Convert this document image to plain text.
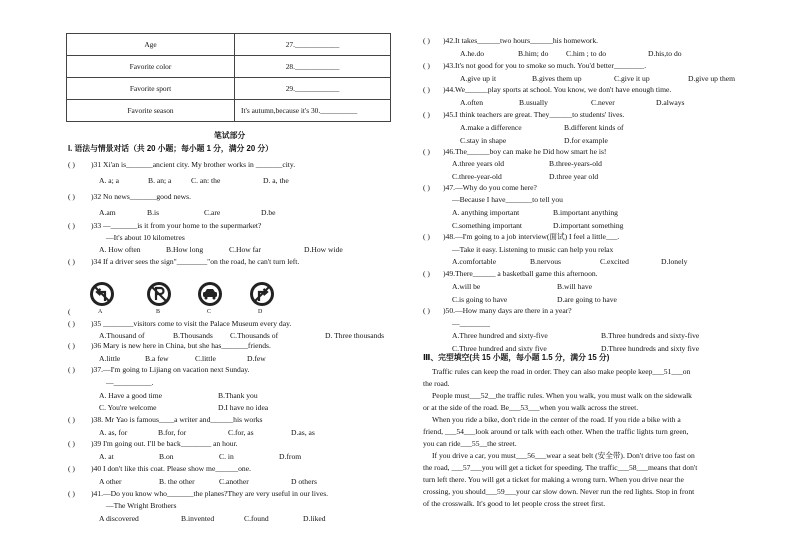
Age	27.____________
Favorite color	28.____________
Favorite sport	29.____________
Favorite season	It's autumn,because it's 30.__________
笔试部分
I. 语法与情景对话（共 20 小题；每小题 1 分，满分 20 分）
( ) )31 Xi'an is_______ancient city. My brother works in _______city.
A. a; a	B. an; a	C. an: the	D. a, the
( ) )32 No news_______good news.
A.am	B.is	C.are	D.be
( ) )33 —_______is it from your home to the supermarket?
—It's about 10 kilometres
A. How often	B.How long	C.How far	D.How wide
( ) )34 If a driver sees the sign"________"on the road, he can't turn left.
( ) )35 ________visitors come to visit the Palace Museum every day.
A.Thousand of	B.Thousands C.Thousands of	D. Three thousands
( ) )36 Mary is new here in China, but she has_______friends.
A.little	B.a few	C.little	D.few
( ) )37.—I'm going to Lijiang on vacation next Sunday.
—__________.
A. Have a good time	B.Thank you
C. You're welcome	D.I have no idea
( ) )38. Mr Yao is famous____a writer and______his works
A. as, for	B.for, for	C.for, as	D.as, as
( ) )39 I'm going out. I'll be back________ an hour.
A. at	B.on	C. in	D.from
( ) )40 I don't like this coat. Please show me______one.
A other	B. the other	C.another	D others
( ) )41.—Do you know who_______the planes?They are very useful in our lives.
—The Wright Brothers
A discovered	B.invented	C.found	D.liked
(	A	B	C	D
( ) )42.It takes______two hours______his homework.
A.he.do	B.him; do C.him ; to do	D.his,to do
( ) )43.It's not good for you to smoke so much. You'd better________.
A.give up it	B.gives them up	C.give it up	D.give up them
( ) )44.We______play sports at school. You know, we don't have enough time.
A.often	B.usually	C.never	D.always
( ) )45.I think teachers are great. They______to students' lives.
A.make a difference	B.different kinds of
C.stay in shape	D.for example
( ) )46.The______boy can make he Did how smart he is!
A.three years old	B.three-years-old
C.three-year-old	D.three year old
( ) )47.—Why do you come here?
—Because I have_______to tell you
A. anything important	B.important anything
C.something important	D.important something
( ) )48.—I'm going to a job interview(面试) I feel a little___.
—Take it easy. Listening to music can help you relax
A.comfortable	B.nervous	C.excited	D.lonely
( ) )49.There______ a basketball game this afternoon.
A.will be	B.will have
C.is going to have	D.are going to have
( ) )50.—How many days are there in a year?
—________
A.Three hundred and sixty-five	B.Three hundreds and sixty-five
C.Three hundred and sixty five	D.Three hundreds and sixty five
Ⅲ、完型填空(共 15 小题，每小题 1.5 分，满分 15 分)
Traffic rules can keep the road in order. They can also make people keep___51___on
the road.
People must___52__the traffic rules. When you walk, you must walk on the sidewalk
or at the side of the road. Be___53___when you walk across the street.
When you ride a bike, don't ride in the center of the road. If you ride a bike with a
friend, ___54___look around or talk with each other. When the traffic lights turn green,
you can ride___55__the street.
If you drive a car, you must___56___wear a seat belt (安全带). Don't drive too fast on
the road, ___57___you will get a ticket for speeding. The traffic___58___means that don't
turn left there. You will get a ticket for making a wrong turn. When you drive near the
crossing, you should___59___your car slow down. Never run the red lights. Stop in front
of the crosswalk. It's good to let people cross the street first.
